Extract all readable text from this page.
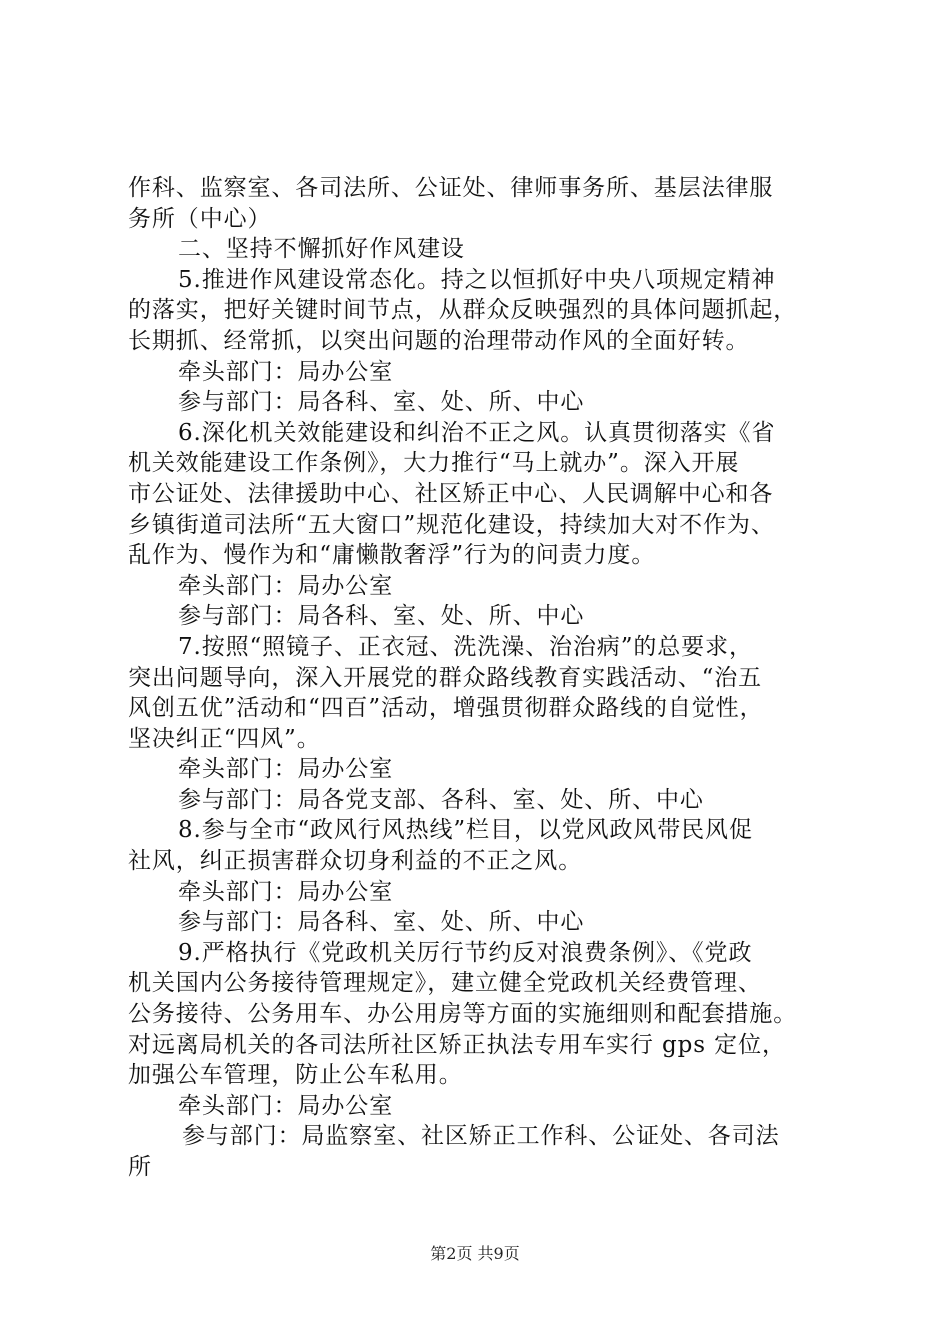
作科、监察室、各司法所、公证处、律师事务所、基层法律服
务所（中心）
二、坚持不懈抓好作风建设
5.推进作风建设常态化。持之以恒抓好中央八项规定精神
的落实，把好关键时间节点，从群众反映强烈的具体问题抓起，
长期抓、经常抓，以突出问题的治理带动作风的全面好转。
牵头部门：局办公室
参与部门：局各科、室、处、所、中心
6.深化机关效能建设和纠治不正之风。认真贯彻落实《省
机关效能建设工作条例》，大力推行“马上就办”。深入开展
市公证处、法律援助中心、社区矫正中心、人民调解中心和各
乡镇街道司法所“五大窗口”规范化建设，持续加大对不作为、
乱作为、慢作为和“庸懒散奢浮”行为的问责力度。
牵头部门：局办公室
参与部门：局各科、室、处、所、中心
7.按照“照镜子、正衣冠、洗洗澡、治治病”的总要求，
突出问题导向，深入开展党的群众路线教育实践活动、“治五
风创五优”活动和“四百”活动，增强贯彻群众路线的自觉性，
坚决纠正“四风”。
牵头部门：局办公室
参与部门：局各党支部、各科、室、处、所、中心
8.参与全市“政风行风热线”栏目，以党风政风带民风促
社风，纠正损害群众切身利益的不正之风。
牵头部门：局办公室
参与部门：局各科、室、处、所、中心
9.严格执行《党政机关厉行节约反对浪费条例》、《党政
机关国内公务接待管理规定》，建立健全党政机关经费管理、
公务接待、公务用车、办公用房等方面的实施细则和配套措施。
对远离局机关的各司法所社区矫正执法专用车实行 gps 定位，
加强公车管理，防止公车私用。
牵头部门：局办公室
参与部门：局监察室、社区矫正工作科、公证处、各司法
所
第2页 共9页
